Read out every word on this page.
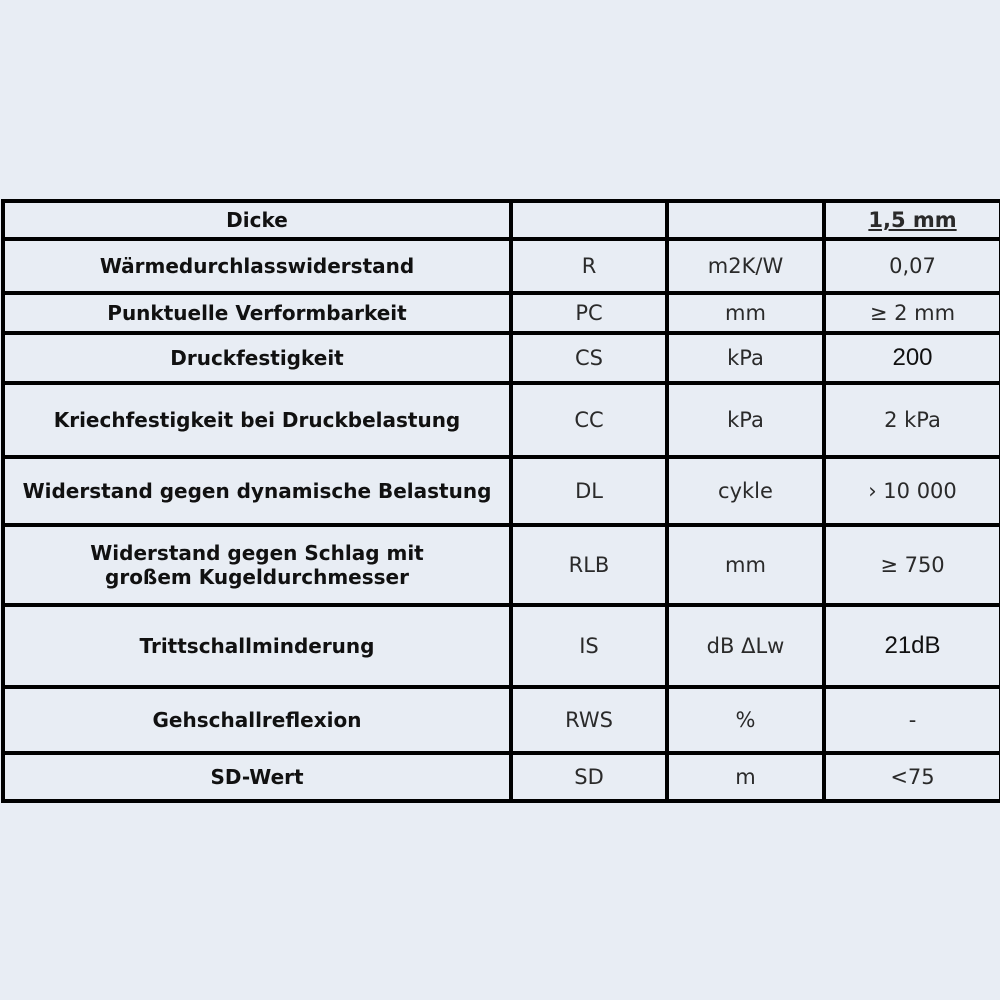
Dicke			1,5 mm
Wärmedurchlasswiderstand	R	m2K/W	0,07
Punktuelle Verformbarkeit	PC	mm	≥ 2 mm
Druckfestigkeit	CS	kPa	200
Kriechfestigkeit bei Druckbelastung	CC	kPa	2 kPa
Widerstand gegen dynamische Belastung	DL	cykle	› 10 000
Widerstand gegen Schlag mit großem Kugeldurchmesser	RLB	mm	≥ 750
Trittschallminderung	IS	dB ΔLw	21dB
Gehschallreflexion	RWS	%	-
SD-Wert	SD	m	<75
